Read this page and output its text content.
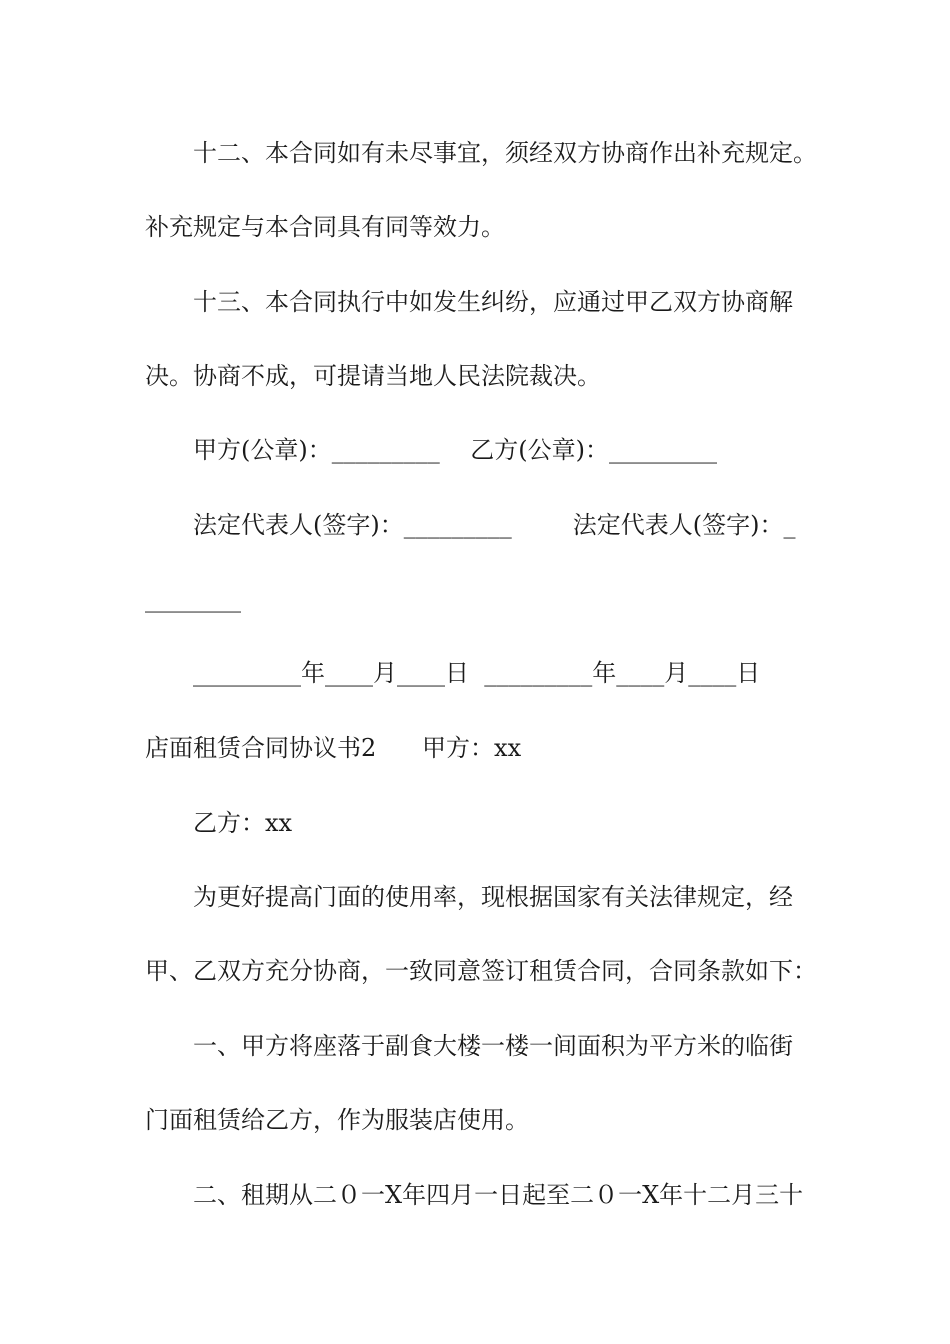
十二、本合同如有未尽事宜，须经双方协商作出补充规定。
补充规定与本合同具有同等效力。
十三、本合同执行中如发生纠纷，应通过甲乙双方协商解
决。协商不成，可提请当地人民法院裁决。
甲方(公章)：_________    乙方(公章)：_________
法定代表人(签字)：_________        法定代表人(签字)：_
________
_________年____月____日  _________年____月____日
店面租赁合同协议书2      甲方：xx
乙方：xx
为更好提高门面的使用率，现根据国家有关法律规定，经
甲、乙双方充分协商，一致同意签订租赁合同，合同条款如下：
一、甲方将座落于副食大楼一楼一间面积为平方米的临街
门面租赁给乙方，作为服装店使用。
二、租期从二０一X年四月一日起至二０一X年十二月三十
